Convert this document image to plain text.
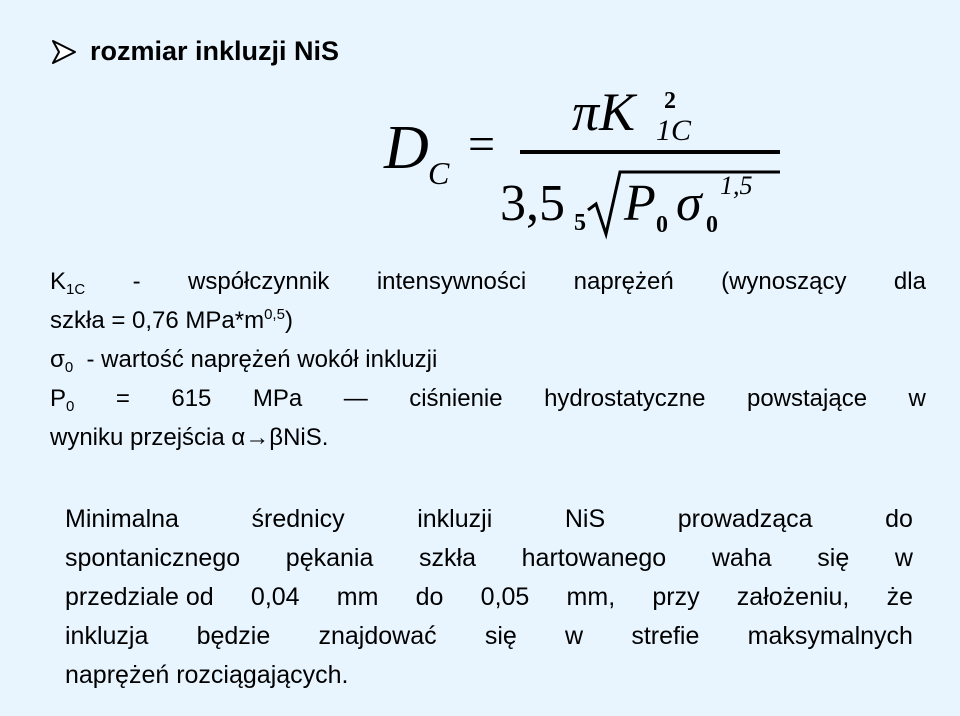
rozmiar inkluzji NiS
D C
=
πK 2
1C
3,5 5 P 0 σ 0
1,5
$K_{1C}$ - współczynnik intensywności naprężeń (wynoszący dla
szkła = 0,76 $MPa*m^{0,5}$)
$\sigma_0$ - wartość naprężeń wokół inkluzji
$P_0 = 615$ MPa — ciśnienie hydrostatyczne powstające w
wyniku przejścia α→βNiS.
Minimalna	średnicy	inkluzji	NiS	prowadząca	do
spontanicznego pękania szkła hartowanego waha się w
przedziale od 0,04 mm do 0,05 mm, przy założeniu, że
inkluzja będzie znajdować się w strefie maksymalnych
naprężeń rozciągających.
